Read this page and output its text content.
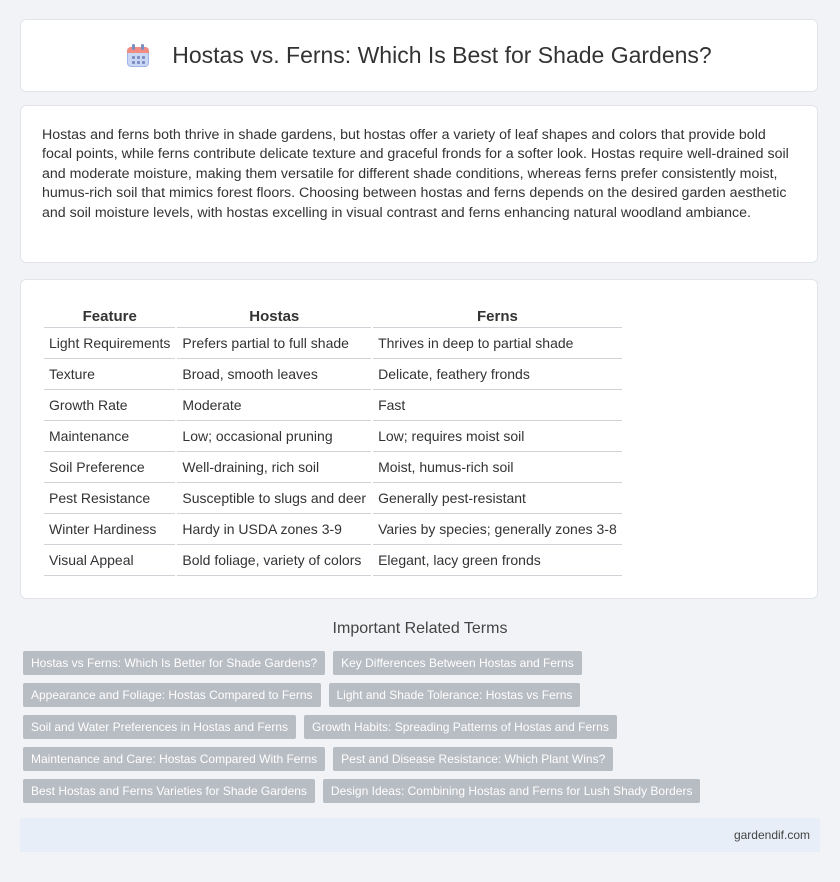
Hostas vs. Ferns: Which Is Best for Shade Gardens?

Hostas and ferns both thrive in shade gardens, but hostas offer a variety of leaf shapes and colors that provide bold focal points, while ferns contribute delicate texture and graceful fronds for a softer look. Hostas require well-drained soil and moderate moisture, making them versatile for different shade conditions, whereas ferns prefer consistently moist, humus-rich soil that mimics forest floors. Choosing between hostas and ferns depends on the desired garden aesthetic and soil moisture levels, with hostas excelling in visual contrast and ferns enhancing natural woodland ambiance.

Feature	Hostas	Ferns
Light Requirements	Prefers partial to full shade	Thrives in deep to partial shade
Texture	Broad, smooth leaves	Delicate, feathery fronds
Growth Rate	Moderate	Fast
Maintenance	Low; occasional pruning	Low; requires moist soil
Soil Preference	Well-draining, rich soil	Moist, humus-rich soil
Pest Resistance	Susceptible to slugs and deer	Generally pest-resistant
Winter Hardiness	Hardy in USDA zones 3-9	Varies by species; generally zones 3-8
Visual Appeal	Bold foliage, variety of colors	Elegant, lacy green fronds
Important Related Terms
Hostas vs Ferns: Which Is Better for Shade Gardens?	Key Differences Between Hostas and Ferns
Appearance and Foliage: Hostas Compared to Ferns	Light and Shade Tolerance: Hostas vs Ferns
Soil and Water Preferences in Hostas and Ferns	Growth Habits: Spreading Patterns of Hostas and Ferns
Maintenance and Care: Hostas Compared With Ferns	Pest and Disease Resistance: Which Plant Wins?
Best Hostas and Ferns Varieties for Shade Gardens	Design Ideas: Combining Hostas and Ferns for Lush Shady Borders
gardendif.com
